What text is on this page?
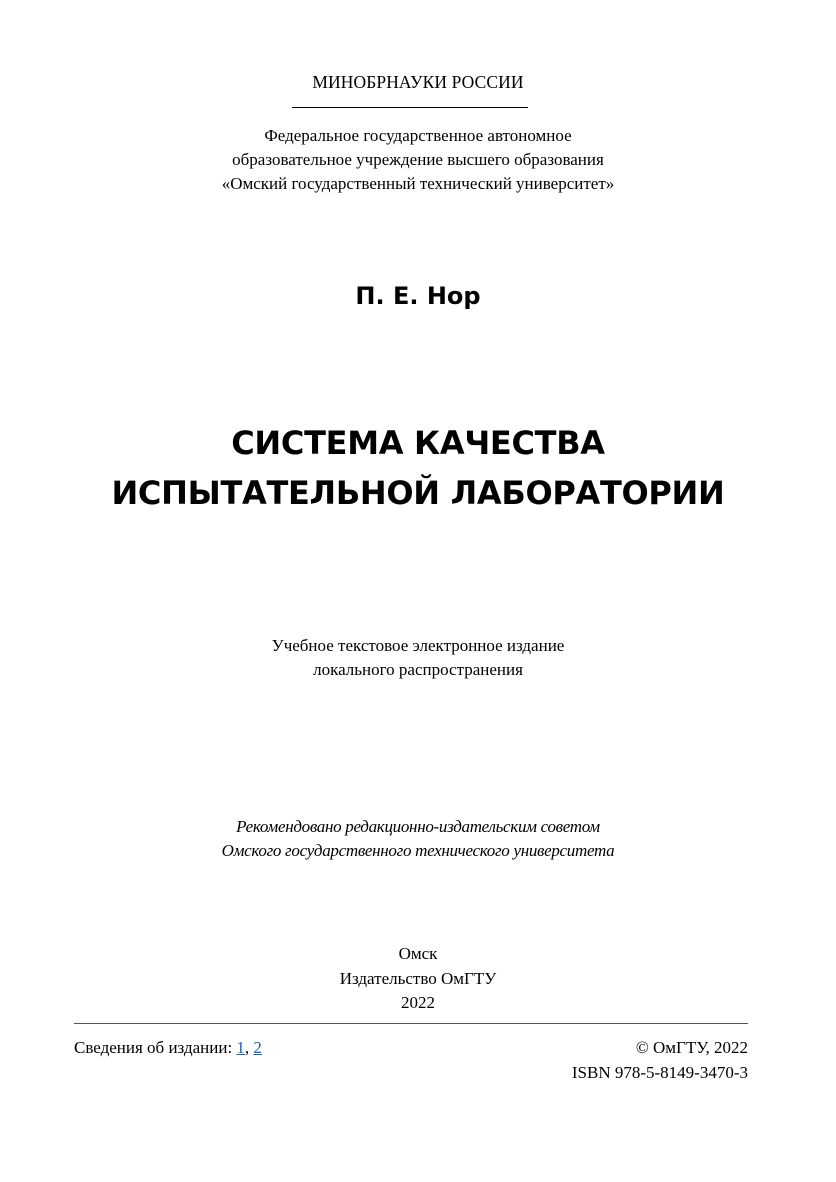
МИНОБРНАУКИ РОССИИ
Федеральное государственное автономное
образовательное учреждение высшего образования
«Омский государственный технический университет»
П. Е. Нор
СИСТЕМА КАЧЕСТВА
ИСПЫТАТЕЛЬНОЙ ЛАБОРАТОРИИ
Учебное текстовое электронное издание
локального распространения
Рекомендовано редакционно-издательским советом
Омского государственного технического университета
Омск
Издательство ОмГТУ
2022
Сведения об издании: 1, 2	© ОмГТУ, 2022
ISBN 978-5-8149-3470-3
